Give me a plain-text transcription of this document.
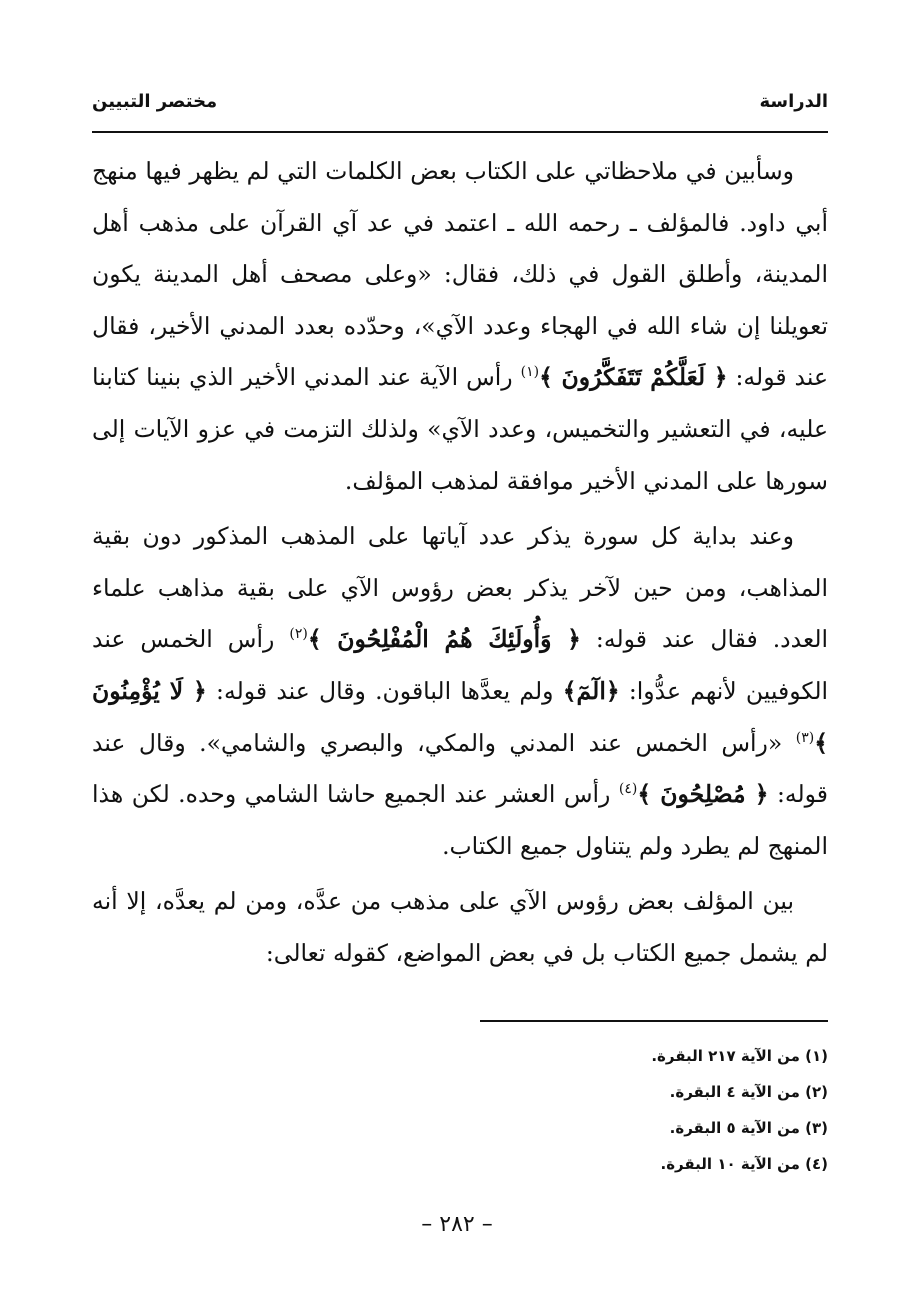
الدراسة
مختصر التبيين

وسأبين في ملاحظاتي على الكتاب بعض الكلمات التي لم يظهر فيها منهج أبي داود. فالمؤلف ـ رحمه الله ـ اعتمد في عد آي القرآن على مذهب أهل المدينة، وأطلق القول في ذلك، فقال: «وعلى مصحف أهل المدينة يكون تعويلنا إن شاء الله في الهجاء وعدد الآي»، وحدّده بعدد المدني الأخير، فقال عند قوله: ﴿ لَعَلَّكُمْ تَتَفَكَّرُونَ ﴾$^{(١)}$ رأس الآية عند المدني الأخير الذي بنينا كتابنا عليه، في التعشير والتخميس، وعدد الآي» ولذلك التزمت في عزو الآيات إلى سورها على المدني الأخير موافقة لمذهب المؤلف.

وعند بداية كل سورة يذكر عدد آياتها على المذهب المذكور دون بقية المذاهب، ومن حين لآخر يذكر بعض رؤوس الآي على بقية مذاهب علماء العدد. فقال عند قوله: ﴿ وَأُولَئِكَ هُمُ الْمُفْلِحُونَ ﴾$^{(٢)}$ رأس الخمس عند الكوفيين لأنهم عدُّوا: ﴿الٓمٓ﴾ ولم يعدَّها الباقون. وقال عند قوله: ﴿ لَا يُؤْمِنُونَ ﴾$^{(٣)}$ «رأس الخمس عند المدني والمكي، والبصري والشامي». وقال عند قوله: ﴿ مُصْلِحُونَ ﴾$^{(٤)}$ رأس العشر عند الجميع حاشا الشامي وحده. لكن هذا المنهج لم يطرد ولم يتناول جميع الكتاب.

بين المؤلف بعض رؤوس الآي على مذهب من عدَّه، ومن لم يعدَّه، إلا أنه لم يشمل جميع الكتاب بل في بعض المواضع، كقوله تعالى:

(١) من الآية ٢١٧ البقرة.
(٢) من الآية ٤ البقرة.
(٣) من الآية ٥ البقرة.
(٤) من الآية ١٠ البقرة.
– ٢٨٢ –
